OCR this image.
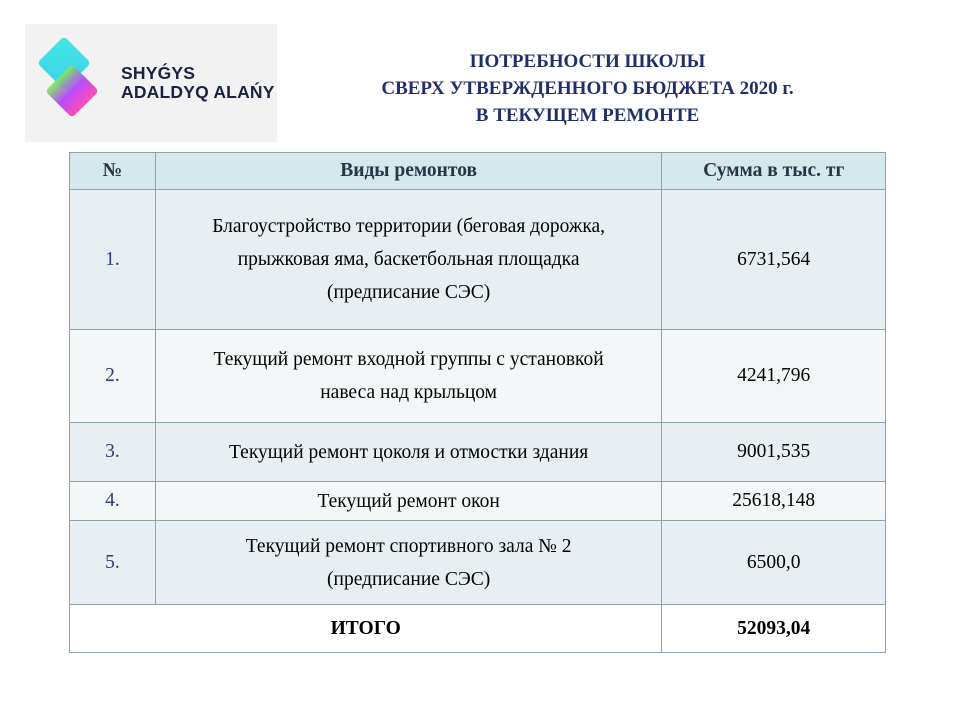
SHYǴYS
ADALDYQ ALAŃY
ПОТРЕБНОСТИ ШКОЛЫ
СВЕРХ УТВЕРЖДЕННОГО БЮДЖЕТА 2020 г.
В ТЕКУЩЕМ РЕМОНТЕ
№	Виды ремонтов	Сумма в тыс. тг
1.	Благоустройство территории (беговая дорожка,
прыжковая яма, баскетбольная площадка
(предписание СЭС)	6731,564
2.	Текущий ремонт входной группы с установкой
навеса над крыльцом	4241,796
3.	Текущий ремонт цоколя и отмостки здания	9001,535
4.	Текущий ремонт окон	25618,148
5.	Текущий ремонт спортивного зала № 2
(предписание СЭС)	6500,0
ИТОГО		52093,04
